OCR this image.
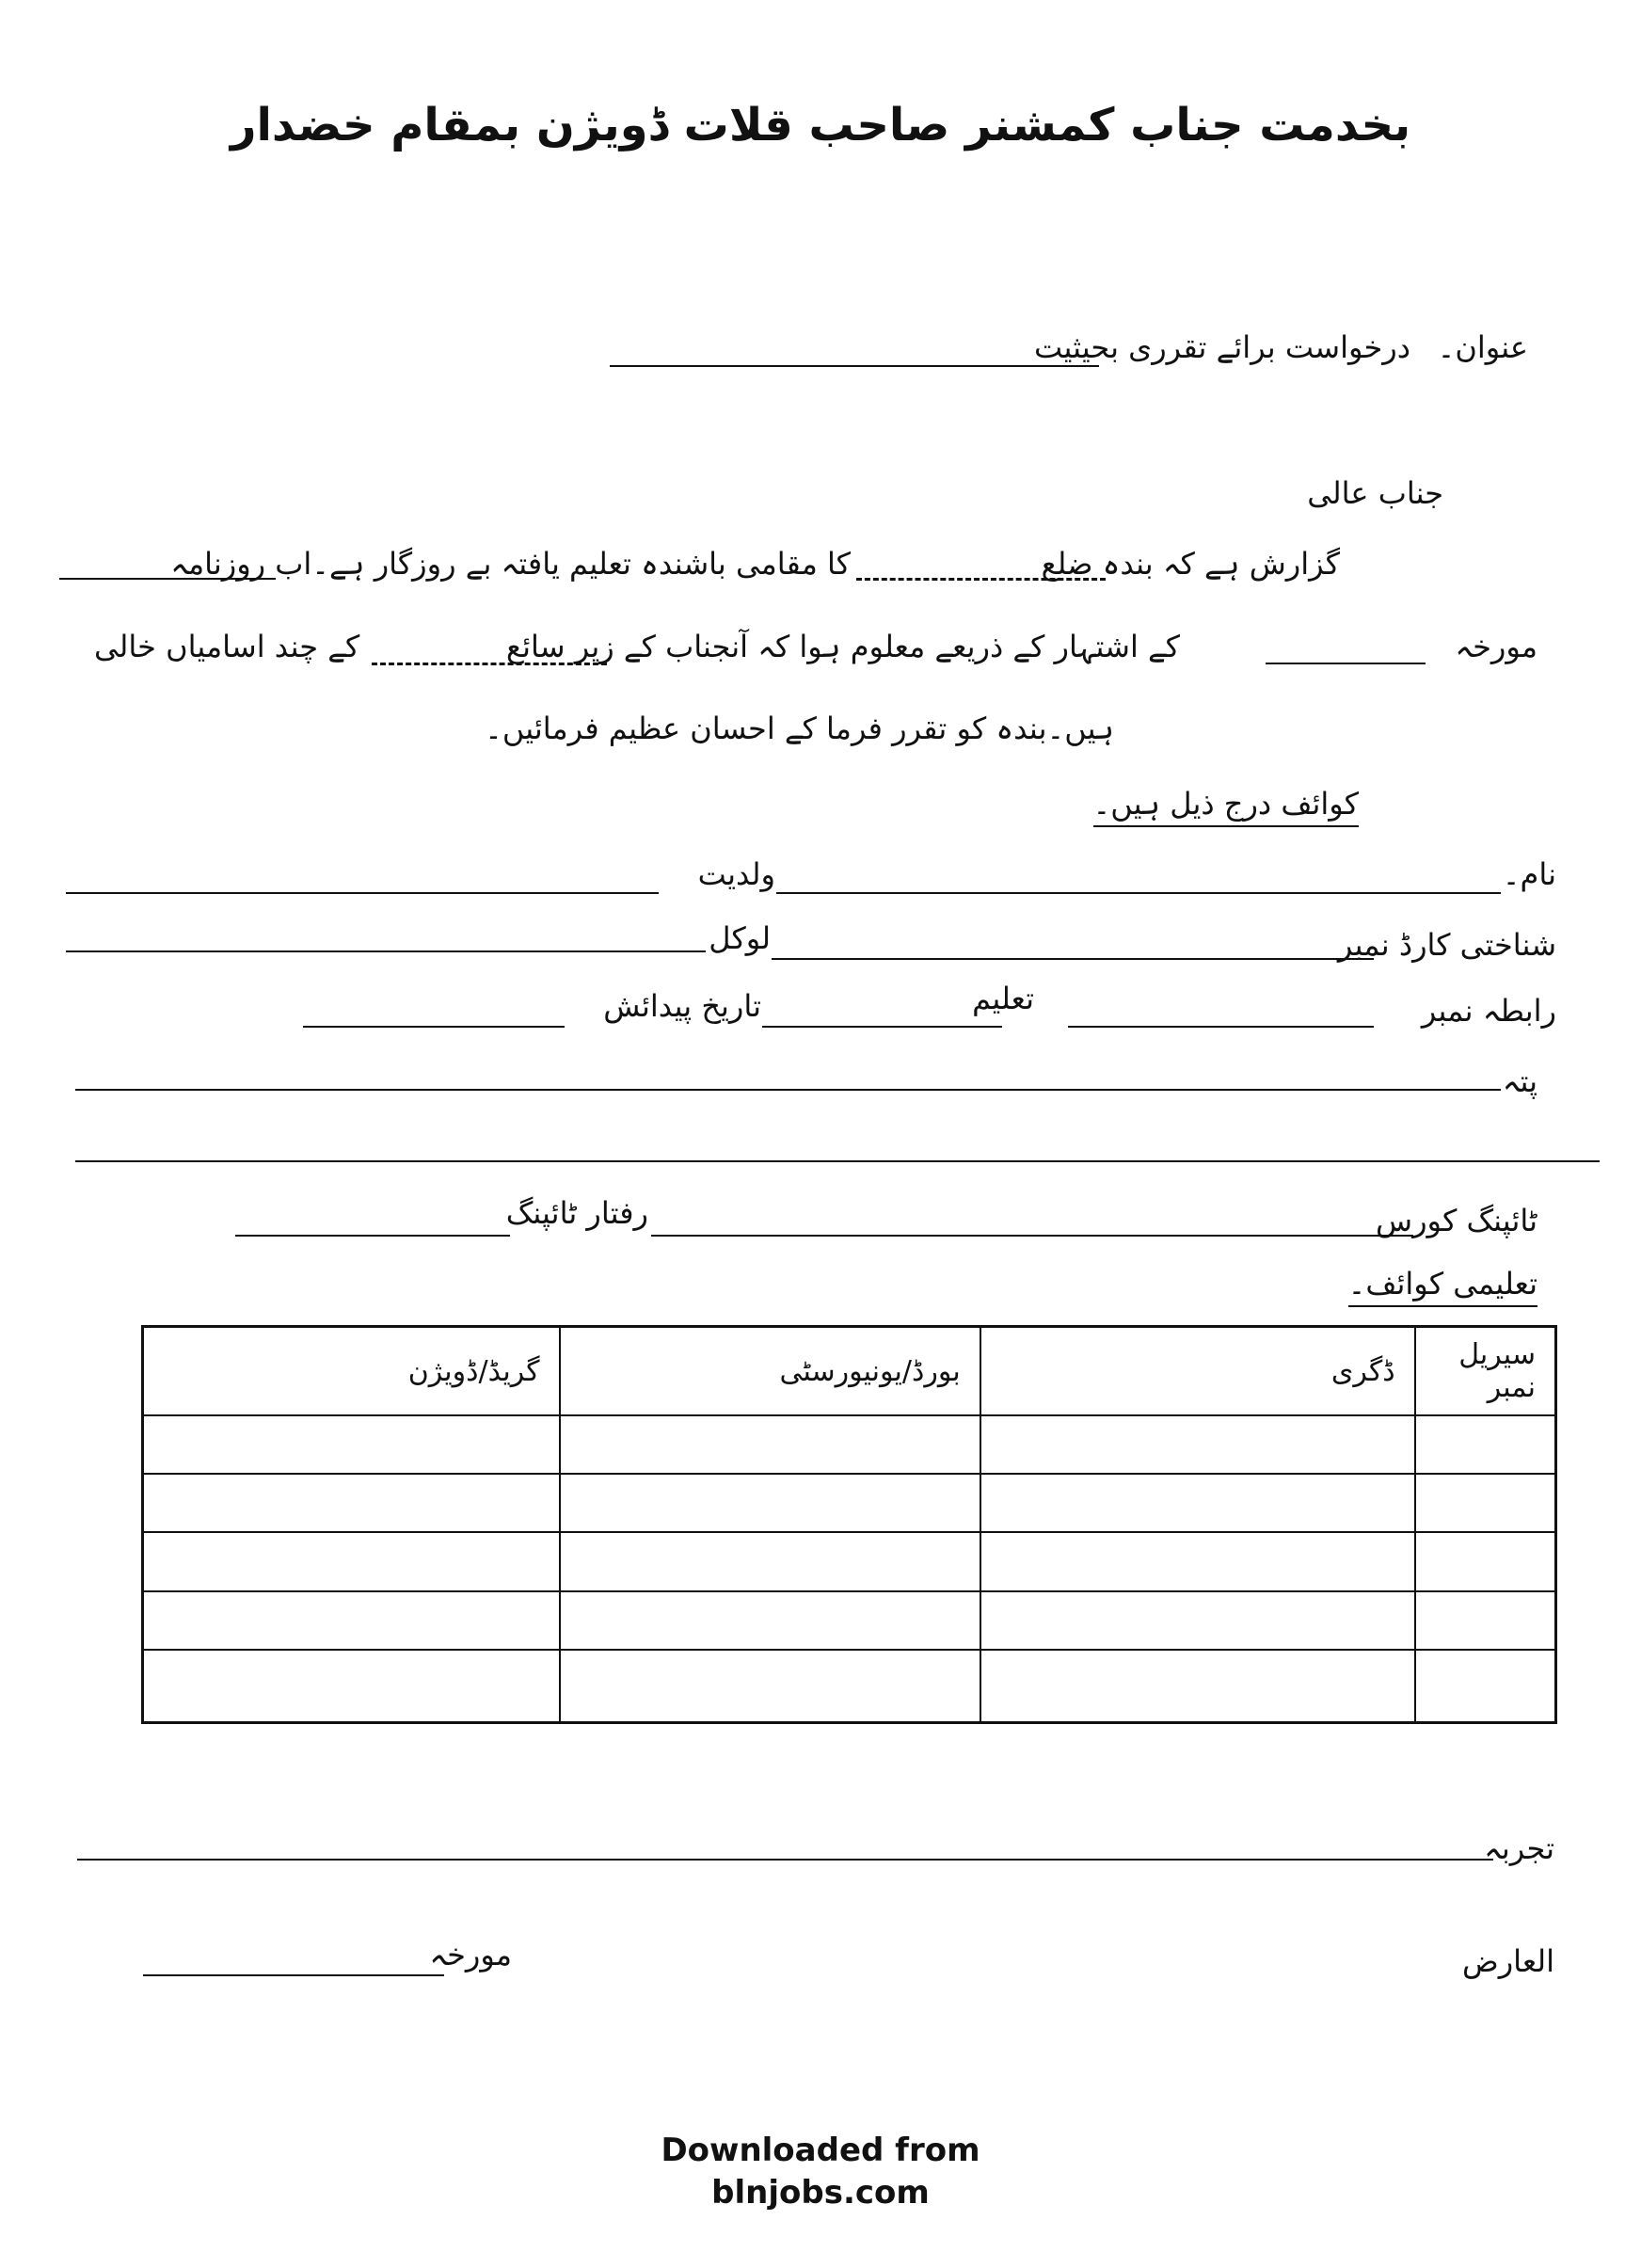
بخدمت جناب کمشنر صاحب قلات ڈویژن بمقام خضدار
عنوان۔
درخواست برائے تقرری بحیثیت
جناب عالی
گزارش ہے کہ بندہ ضلع
کا مقامی باشندہ تعلیم یافتہ بے روزگار ہے۔اب روزنامہ
مورخہ
کے اشتہار کے ذریعے معلوم ہوا کہ آنجناب کے زیر سائع
کے چند اسامیاں خالی
ہیں۔بندہ کو تقرر فرما کے احسان عظیم فرمائیں۔
کوائف درج ذیل ہیں۔
نام۔
ولدیت
شناختی کارڈ نمبر
لوکل
رابطہ نمبر
تعلیم
تاریخ پیدائش
پتہ
ٹائپنگ کورس
رفتار ٹائپنگ
تعلیمی کوائف۔
سیریل نمبر	ڈگری	بورڈ/یونیورسٹی	گریڈ/ڈویژن

تجربہ
العارض
مورخہ
Downloaded from
blnjobs.com
